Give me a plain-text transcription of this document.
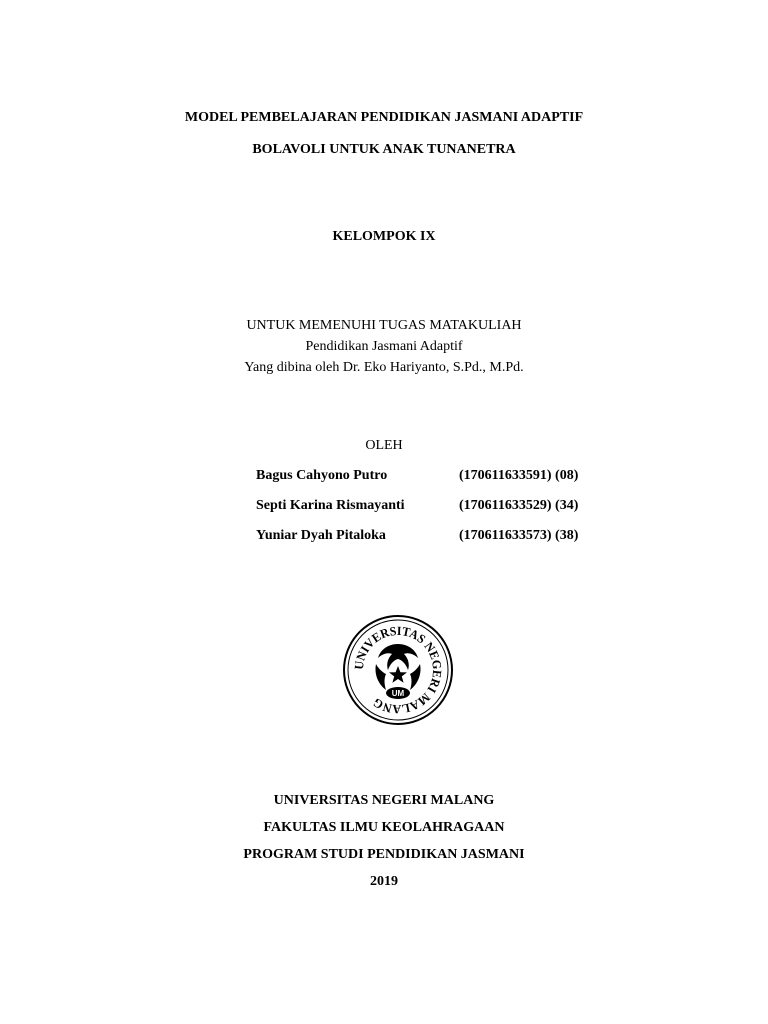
MODEL PEMBELAJARAN PENDIDIKAN JASMANI ADAPTIF
BOLAVOLI UNTUK ANAK TUNANETRA
KELOMPOK IX
UNTUK MEMENUHI TUGAS MATAKULIAH
Pendidikan Jasmani Adaptif
Yang dibina oleh Dr. Eko Hariyanto, S.Pd., M.Pd.
OLEH
Bagus Cahyono Putro	(170611633591) (08)
Septi Karina Rismayanti	(170611633529) (34)
Yuniar Dyah Pitaloka	(170611633573) (38)
UNIVERSITAS NEGERI MALANG
UM
UNIVERSITAS NEGERI MALANG
FAKULTAS ILMU KEOLAHRAGAAN
PROGRAM STUDI PENDIDIKAN JASMANI
2019
